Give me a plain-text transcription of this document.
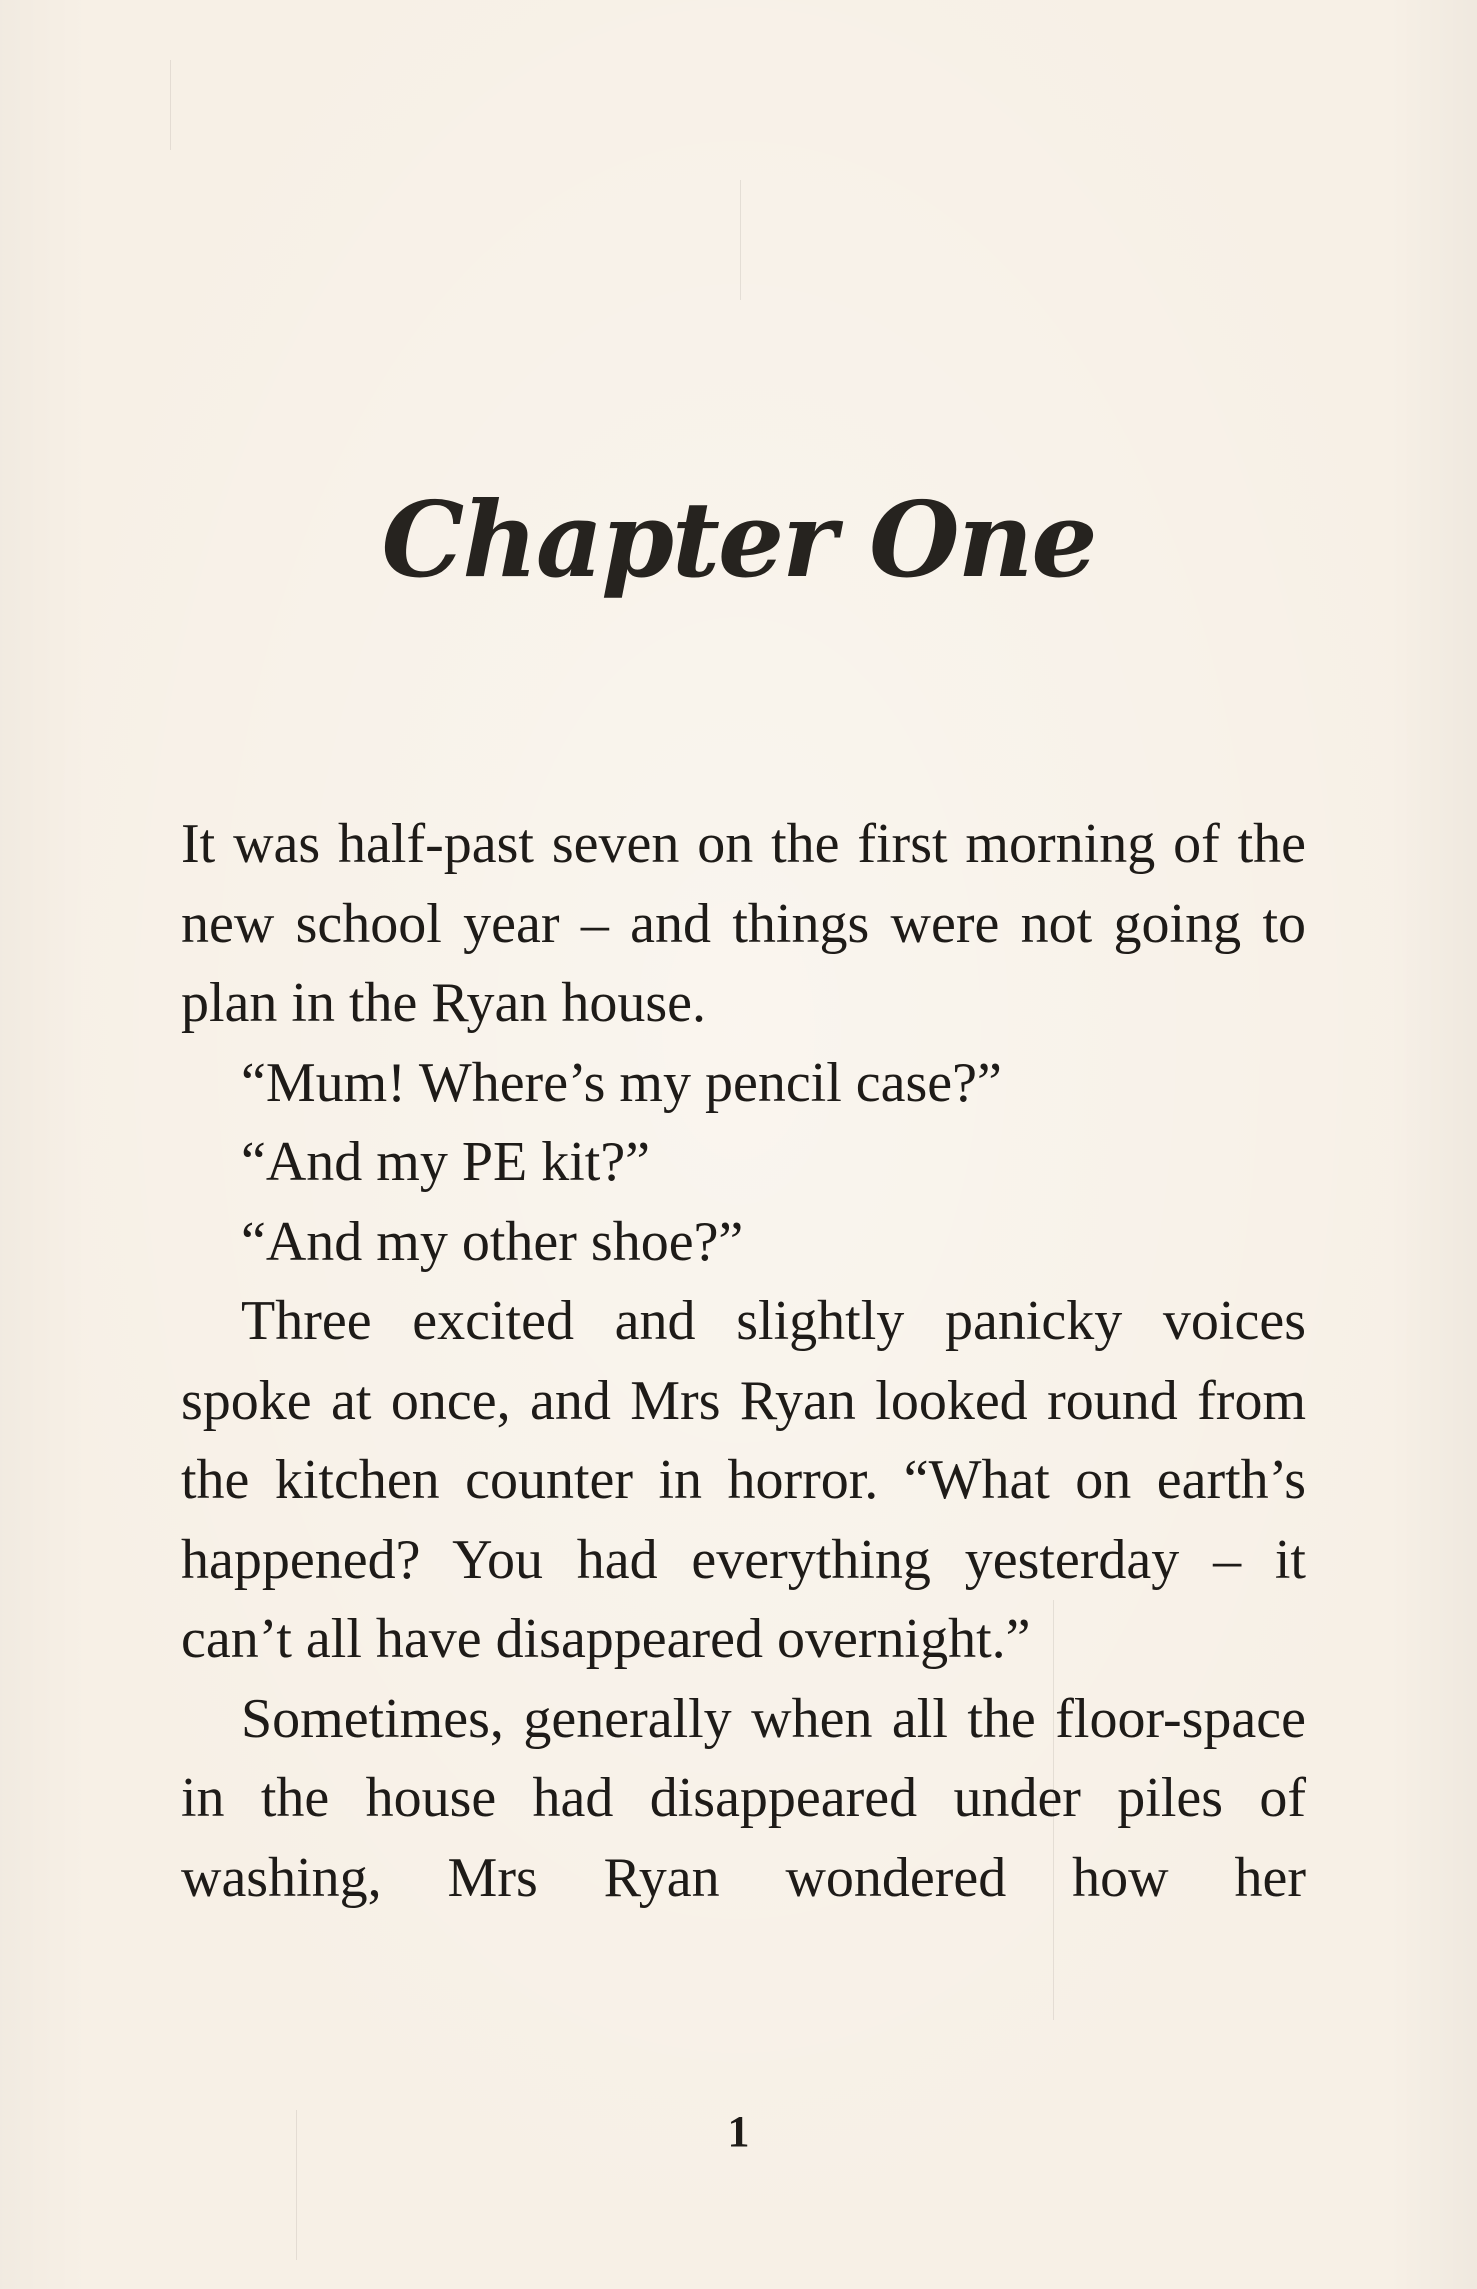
Chapter One

It was half-past seven on the first morning of the new school year – and things were not going to plan in the Ryan house.

“Mum! Where’s my pencil case?”

“And my PE kit?”

“And my other shoe?”

Three excited and slightly panicky voices spoke at once, and Mrs Ryan looked round from the kitchen counter in horror. “What on earth’s happened? You had everything yesterday – it can’t all have disappeared overnight.”

Sometimes, generally when all the floor-space in the house had disappeared under piles of washing, Mrs Ryan wondered how her

1
